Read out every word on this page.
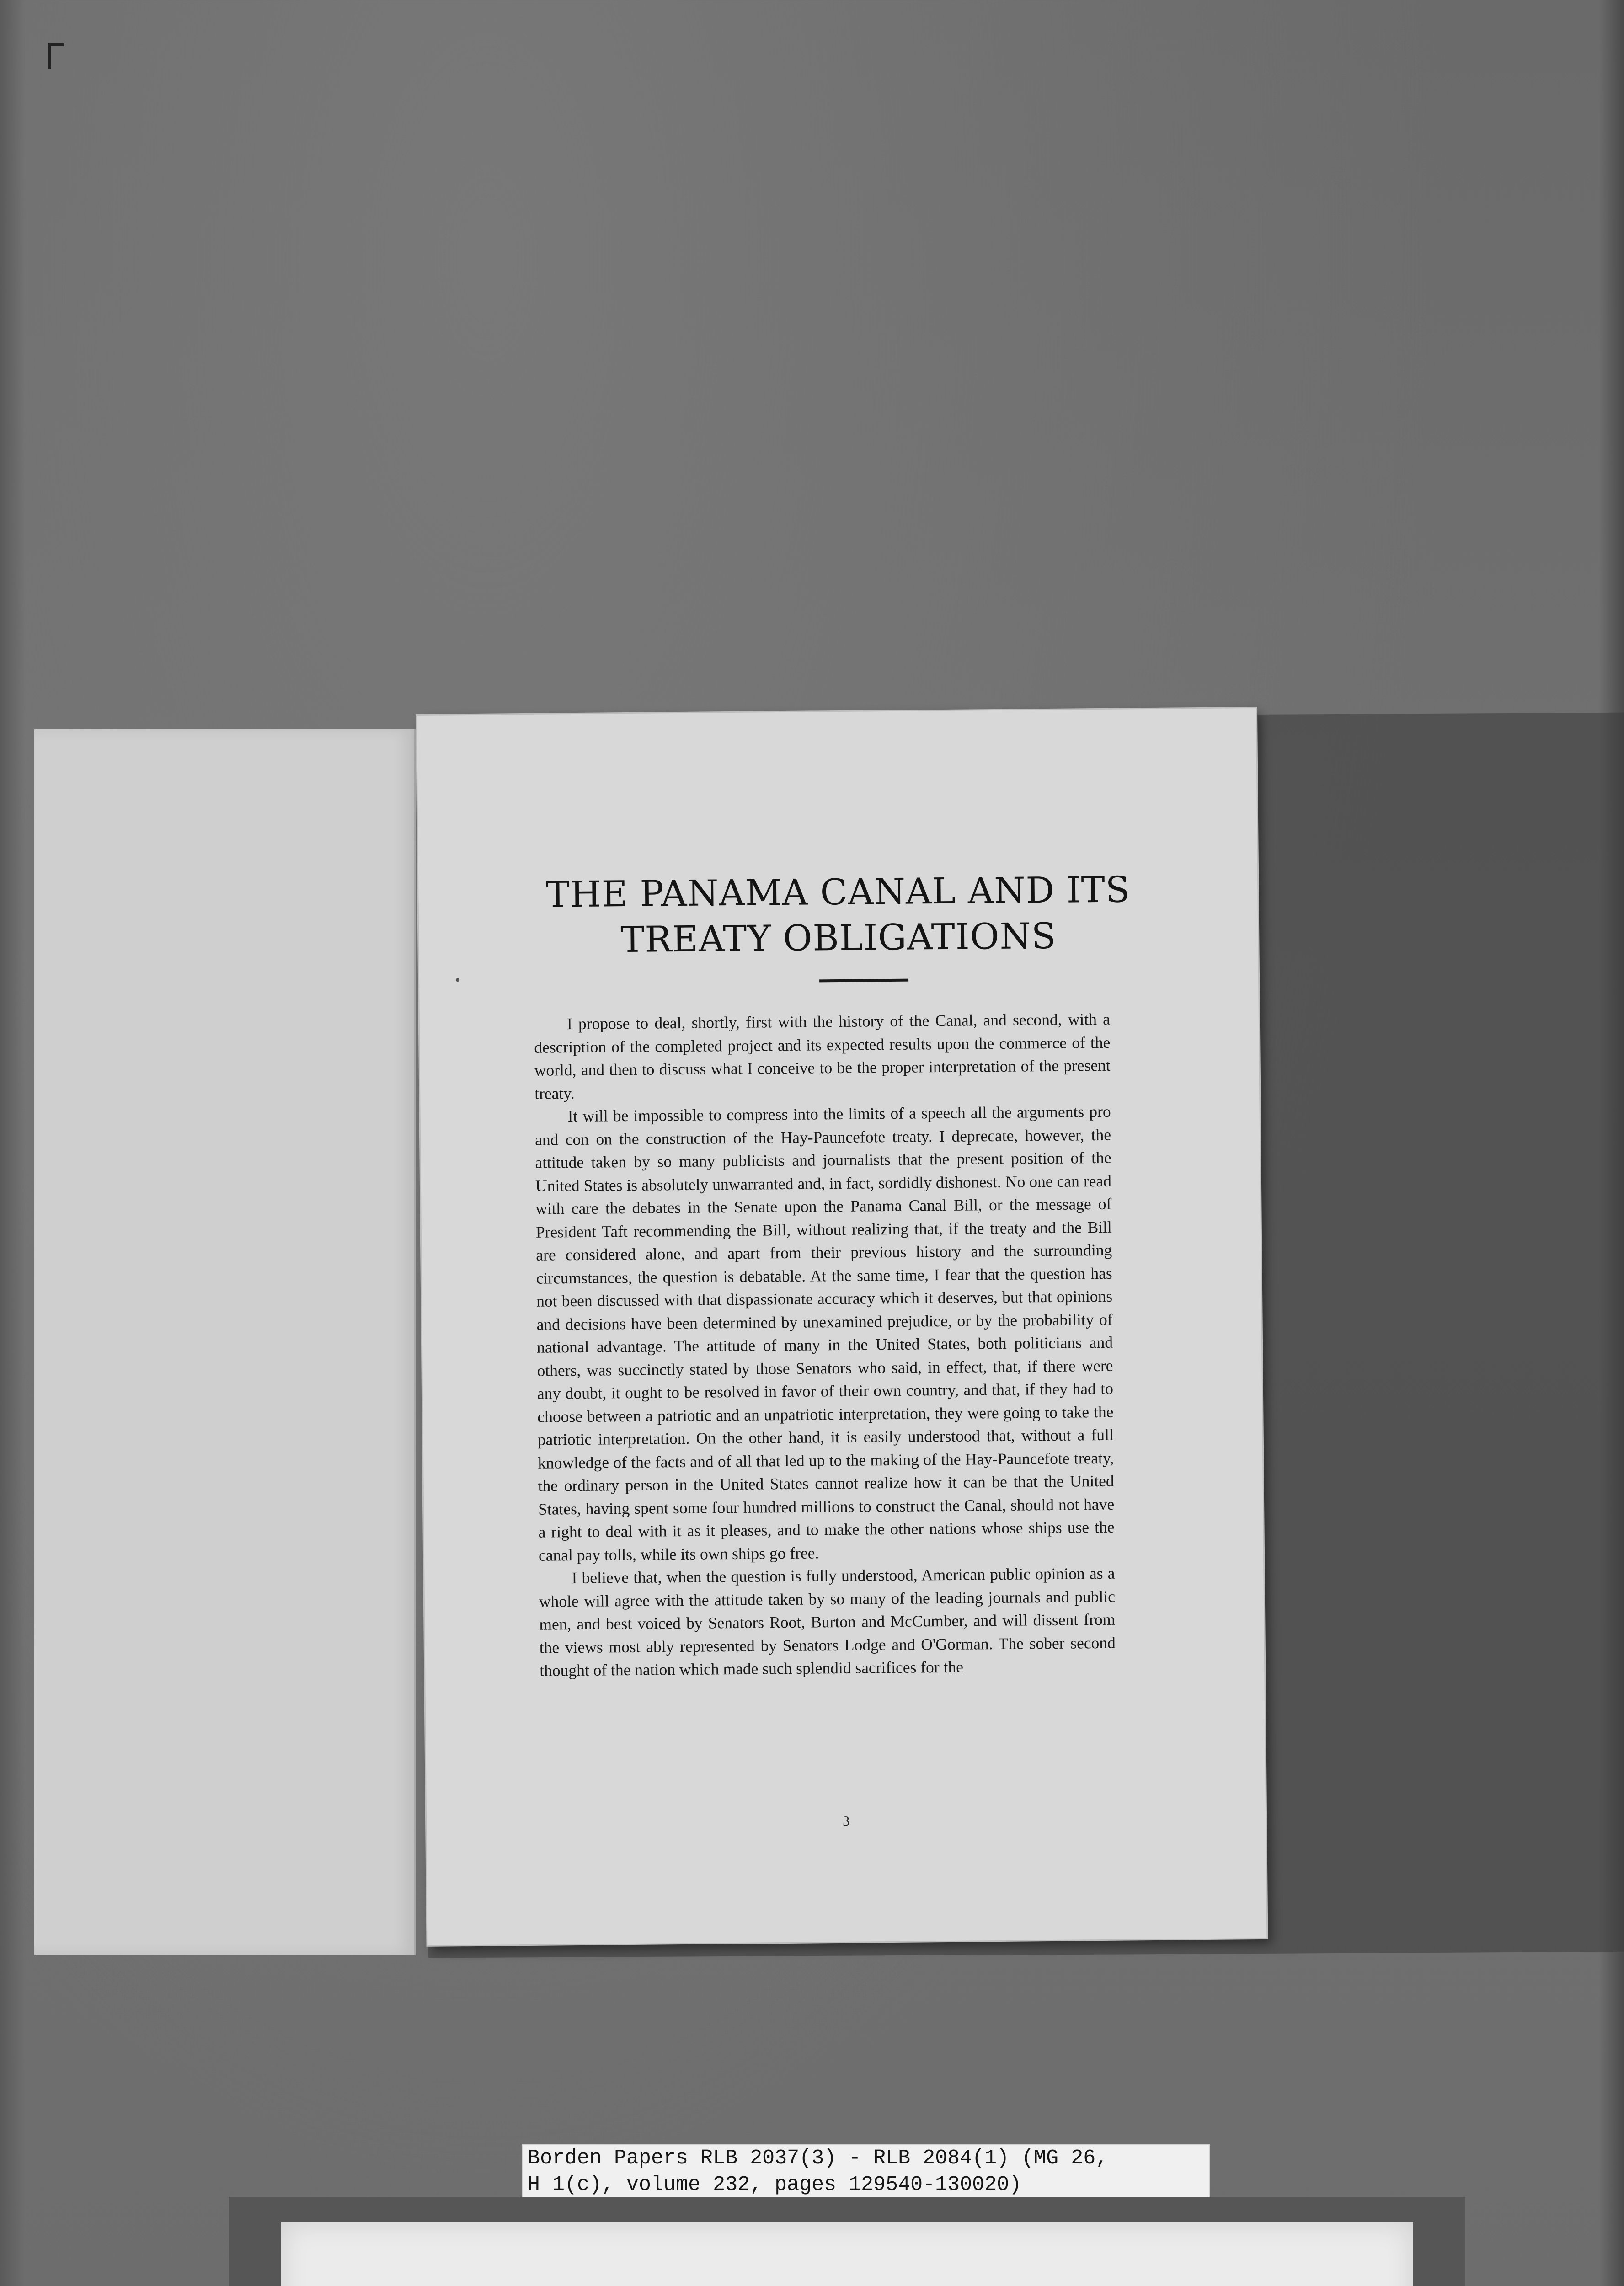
THE PANAMA CANAL AND ITS
TREATY OBLIGATIONS

I propose to deal, shortly, first with the history of the Canal, and second, with a description of the completed project and its expected results upon the commerce of the world, and then to discuss what I conceive to be the proper interpretation of the present treaty.

It will be impossible to compress into the limits of a speech all the arguments pro and con on the construction of the Hay-Pauncefote treaty. I deprecate, however, the attitude taken by so many publicists and journalists that the present position of the United States is absolutely unwarranted and, in fact, sordidly dishonest. No one can read with care the debates in the Senate upon the Panama Canal Bill, or the message of President Taft recommending the Bill, without realizing that, if the treaty and the Bill are considered alone, and apart from their previous history and the surrounding circumstances, the question is debatable. At the same time, I fear that the question has not been discussed with that dispassionate accuracy which it deserves, but that opinions and decisions have been determined by unexamined prejudice, or by the probability of national advantage. The attitude of many in the United States, both politicians and others, was succinctly stated by those Senators who said, in effect, that, if there were any doubt, it ought to be resolved in favor of their own country, and that, if they had to choose between a patriotic and an unpatriotic interpretation, they were going to take the patriotic interpretation. On the other hand, it is easily understood that, without a full knowledge of the facts and of all that led up to the making of the Hay-Pauncefote treaty, the ordinary person in the United States cannot realize how it can be that the United States, having spent some four hundred millions to construct the Canal, should not have a right to deal with it as it pleases, and to make the other nations whose ships use the canal pay tolls, while its own ships go free.

I believe that, when the question is fully understood, American public opinion as a whole will agree with the attitude taken by so many of the leading journals and public men, and best voiced by Senators Root, Burton and McCumber, and will dissent from the views most ably represented by Senators Lodge and O'Gorman. The sober second thought of the nation which made such splendid sacrifices for the

3
Borden Papers RLB 2037(3) - RLB 2084(1) (MG 26,
H 1(c), volume 232, pages 129540-130020)
